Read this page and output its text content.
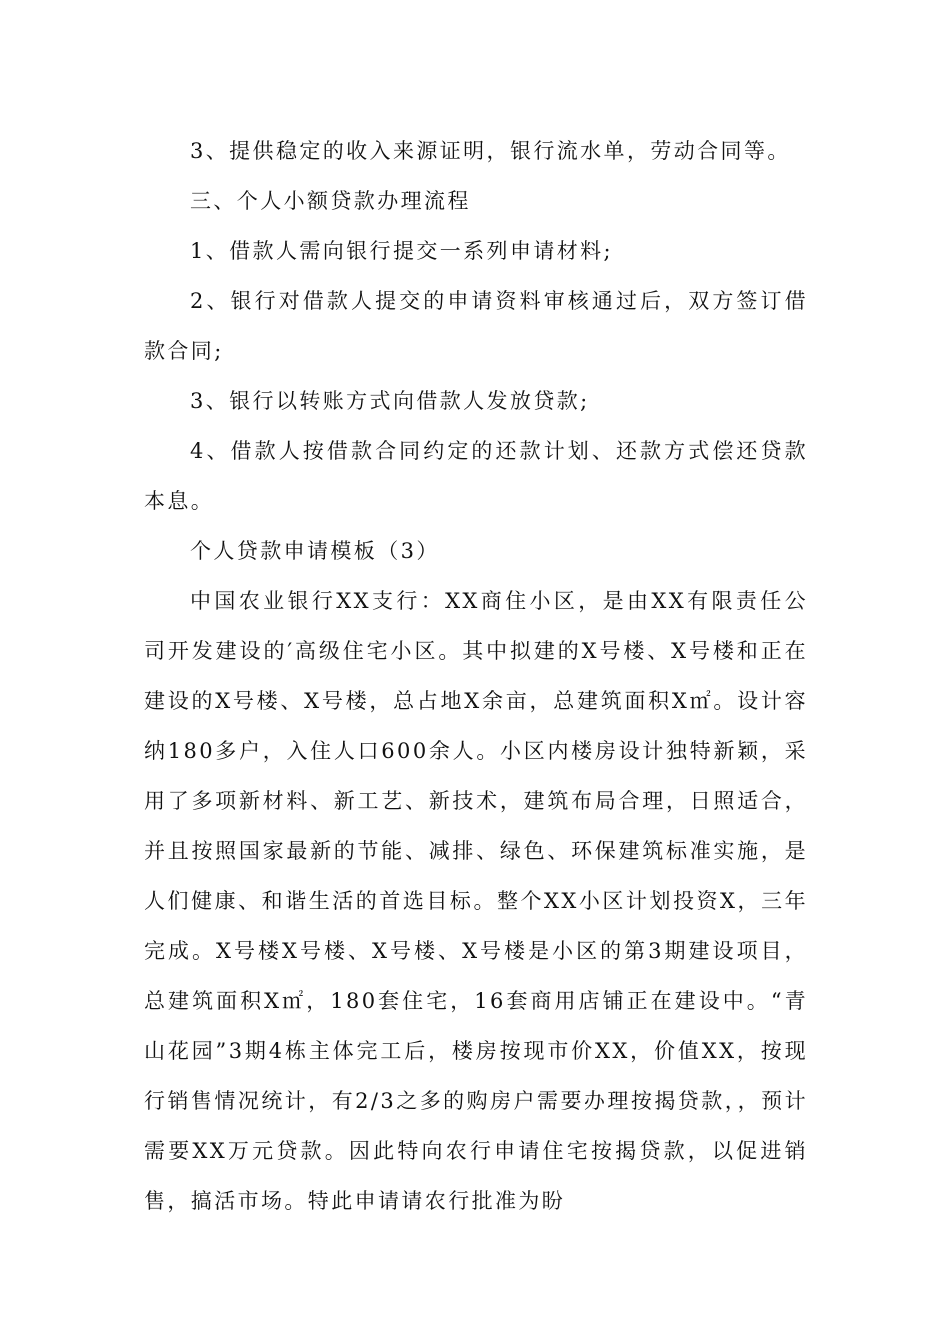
3、提供稳定的收入来源证明，银行流水单，劳动合同等。

三、个人小额贷款办理流程

1、借款人需向银行提交一系列申请材料;

2、银行对借款人提交的申请资料审核通过后，双方签订借款合同;

3、银行以转账方式向借款人发放贷款;

4、借款人按借款合同约定的还款计划、还款方式偿还贷款本息。

个人贷款申请模板（3）

中国农业银行XX支行：XX商住小区，是由XX有限责任公司开发建设的′高级住宅小区。其中拟建的X号楼、X号楼和正在建设的X号楼、X号楼，总占地X余亩，总建筑面积X㎡。设计容纳180多户，入住人口600余人。小区内楼房设计独特新颖，采用了多项新材料、新工艺、新技术，建筑布局合理，日照适合，并且按照国家最新的节能、减排、绿色、环保建筑标准实施，是人们健康、和谐生活的首选目标。整个XX小区计划投资X，三年完成。X号楼X号楼、X号楼、X号楼是小区的第3期建设项目，总建筑面积X㎡，180套住宅，16套商用店铺正在建设中。“青山花园”3期4栋主体完工后，楼房按现市价XX，价值XX，按现行销售情况统计，有2/3之多的购房户需要办理按揭贷款，，预计需要XX万元贷款。因此特向农行申请住宅按揭贷款，以促进销售，搞活市场。特此申请请农行批准为盼
